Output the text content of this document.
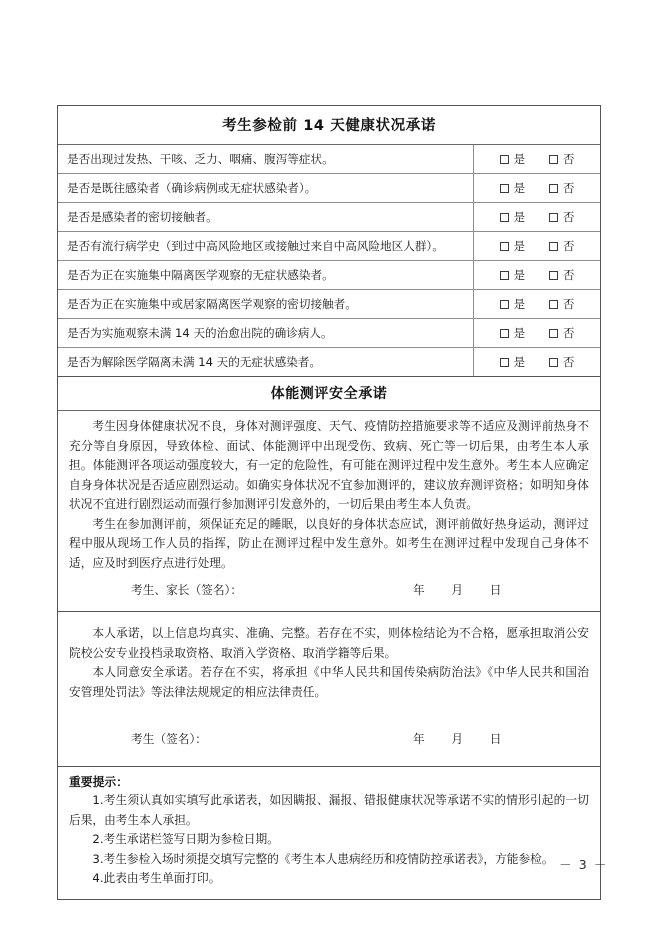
考生参检前 14 天健康状况承诺
是否出现过发热、干咳、乏力、咽痛、腹泻等症状。	是	否
是否是既往感染者（确诊病例或无症状感染者）。	是	否
是否是感染者的密切接触者。	是	否
是否有流行病学史（到过中高风险地区或接触过来自中高风险地区人群）。	是	否
是否为正在实施集中隔离医学观察的无症状感染者。	是	否
是否为正在实施集中或居家隔离医学观察的密切接触者。	是	否
是否为实施观察未满 14 天的治愈出院的确诊病人。	是	否
是否为解除医学隔离未满 14 天的无症状感染者。	是	否
体能测评安全承诺

考生因身体健康状况不良，身体对测评强度、天气、疫情防控措施要求等不适应及测评前热身不充分等自身原因，导致体检、面试、体能测评中出现受伤、致病、死亡等一切后果，由考生本人承担。体能测评各项运动强度较大，有一定的危险性，有可能在测评过程中发生意外。考生本人应确定自身身体状况是否适应剧烈运动。如确实身体状况不宜参加测评的，建议放弃测评资格；如明知身体状况不宜进行剧烈运动而强行参加测评引发意外的，一切后果由考生本人负责。

考生在参加测评前，须保证充足的睡眠，以良好的身体状态应试，测评前做好热身运动，测评过程中服从现场工作人员的指挥，防止在测评过程中发生意外。如考生在测评过程中发现自己身体不适，应及时到医疗点进行处理。

考生、家长（签名）：	年 月 日

本人承诺，以上信息均真实、准确、完整。若存在不实，则体检结论为不合格，愿承担取消公安院校公安专业投档录取资格、取消入学资格、取消学籍等后果。

本人同意安全承诺。若存在不实，将承担《中华人民共和国传染病防治法》《中华人民共和国治安管理处罚法》等法律法规规定的相应法律责任。

考生（签名）：	年 月 日
重要提示：

1.考生须认真如实填写此承诺表，如因瞒报、漏报、错报健康状况等承诺不实的情形引起的一切后果，由考生本人承担。

2.考生承诺栏签写日期为参检日期。

3.考生参检入场时须提交填写完整的《考生本人患病经历和疫情防控承诺表》，方能参检。

4.此表由考生单面打印。

－ 3 －
